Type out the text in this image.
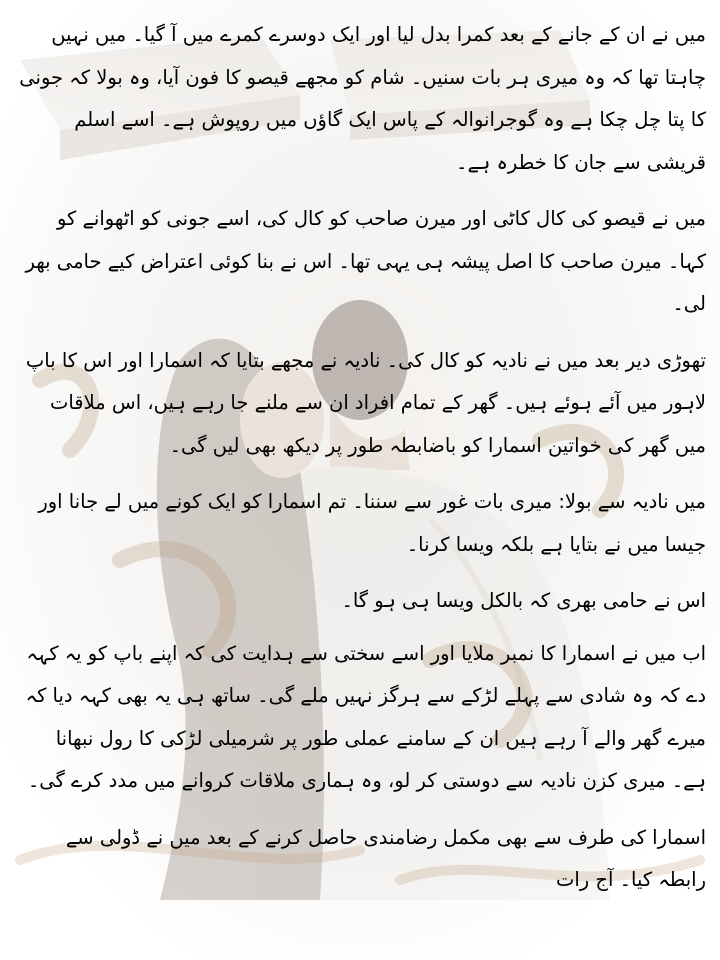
میں نے ان کے جانے کے بعد کمرا بدل لیا اور ایک دوسرے کمرے میں آ گیا۔ میں نہیں چاہتا تھا کہ وہ میری ہر بات سنیں۔ شام کو مجھے قیصو کا فون آیا، وہ بولا کہ جونی کا پتا چل چکا ہے وہ گوجرانوالہ کے پاس ایک گاؤں میں روپوش ہے۔ اسے اسلم قریشی سے جان کا خطرہ ہے۔

میں نے قیصو کی کال کاٹی اور میرن صاحب کو کال کی، اسے جونی کو اٹھوانے کو کہا۔ میرن صاحب کا اصل پیشہ ہی یہی تھا۔ اس نے بنا کوئی اعتراض کیے حامی بھر لی۔

تھوڑی دیر بعد میں نے نادیہ کو کال کی۔ نادیہ نے مجھے بتایا کہ اسمارا اور اس کا باپ لاہور میں آئے ہوئے ہیں۔ گھر کے تمام افراد ان سے ملنے جا رہے ہیں، اس ملاقات میں گھر کی خواتین اسمارا کو باضابطہ طور پر دیکھ بھی لیں گی۔

میں نادیہ سے بولا: میری بات غور سے سننا۔ تم اسمارا کو ایک کونے میں لے جانا اور جیسا میں نے بتایا ہے بلکہ ویسا کرنا۔

اس نے حامی بھری کہ بالکل ویسا ہی ہو گا۔

اب میں نے اسمارا کا نمبر ملایا اور اسے سختی سے ہدایت کی کہ اپنے باپ کو یہ کہہ دے کہ وہ شادی سے پہلے لڑکے سے ہرگز نہیں ملے گی۔ ساتھ ہی یہ بھی کہہ دیا کہ میرے گھر والے آ رہے ہیں ان کے سامنے عملی طور پر شرمیلی لڑکی کا رول نبھانا ہے۔ میری کزن نادیہ سے دوستی کر لو، وہ ہماری ملاقات کروانے میں مدد کرے گی۔

اسمارا کی طرف سے بھی مکمل رضامندی حاصل کرنے کے بعد میں نے ڈولی سے رابطہ کیا۔ آج رات
